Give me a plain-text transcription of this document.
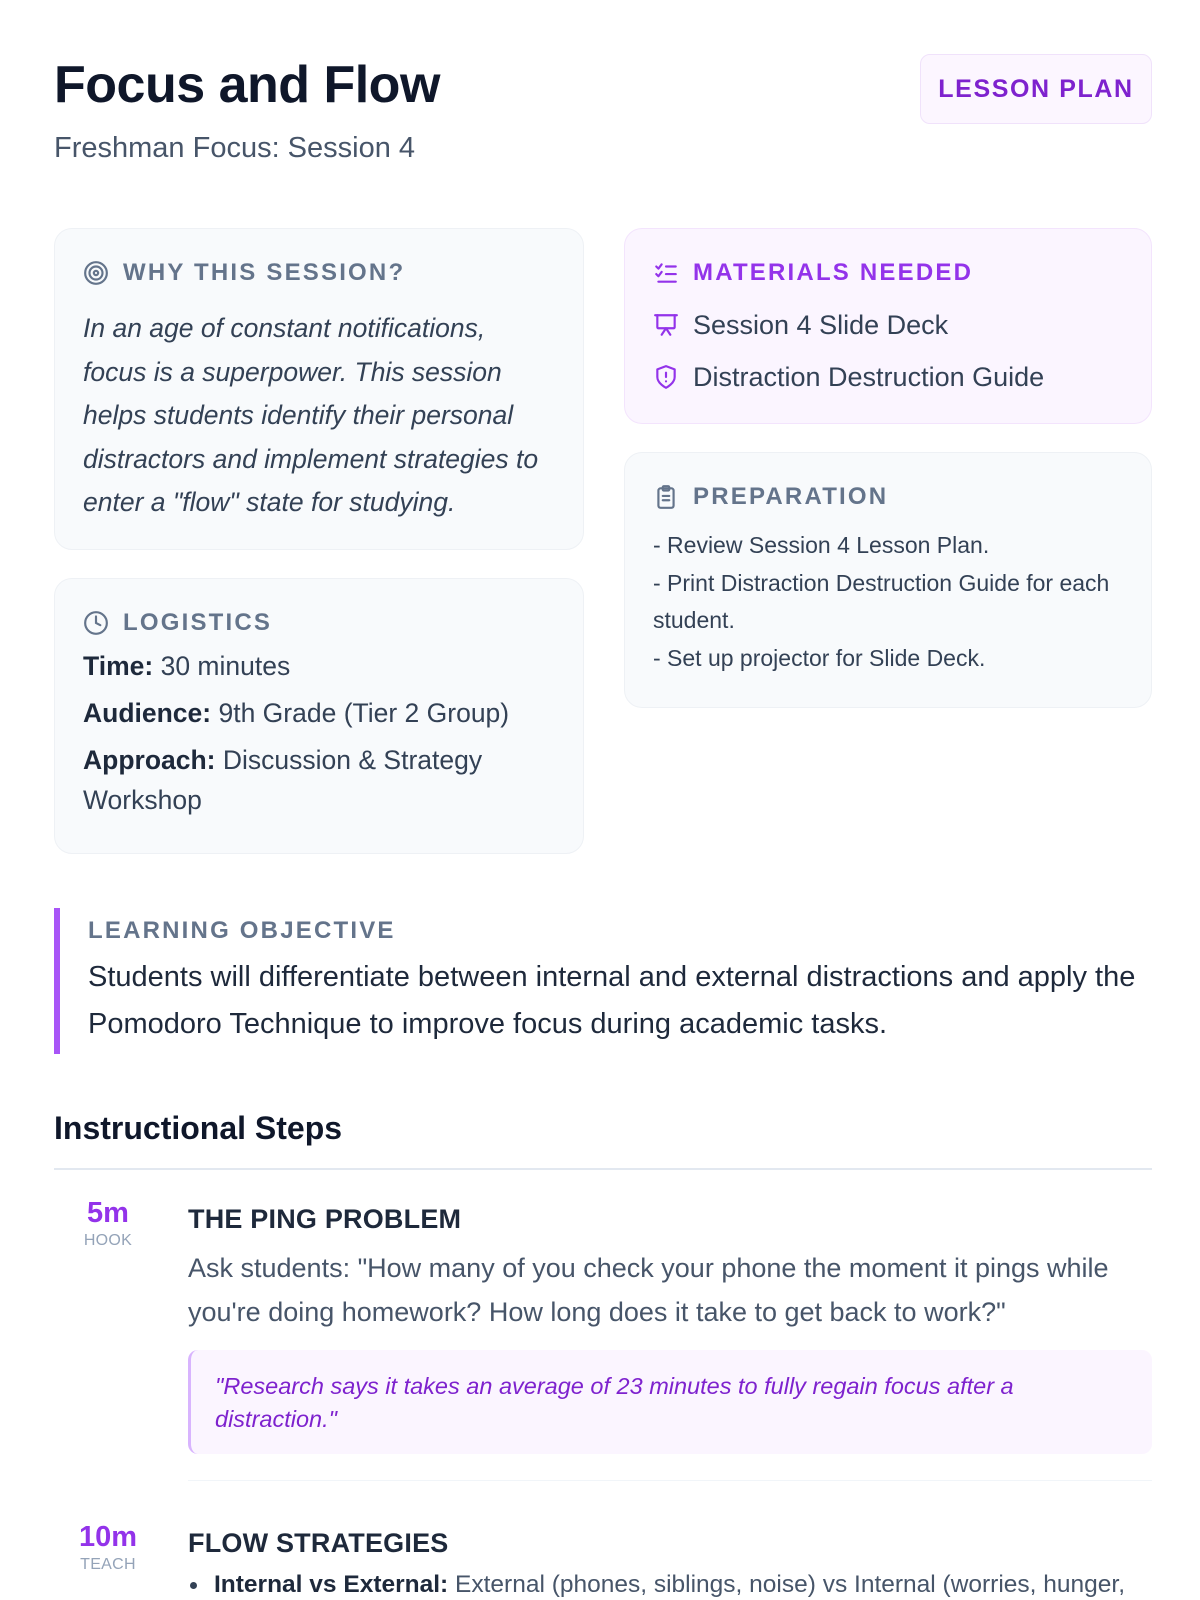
Focus and Flow
Freshman Focus: Session 4
LESSON PLAN
WHY THIS SESSION?

In an age of constant notifications, focus is a superpower. This session helps students identify their personal distractors and implement strategies to enter a "flow" state for studying.

LOGISTICS
Time: 30 minutes
Audience: 9th Grade (Tier 2 Group)
Approach: Discussion & Strategy Workshop
MATERIALS NEEDED
Session 4 Slide Deck
Distraction Destruction Guide
PREPARATION
- Review Session 4 Lesson Plan.
- Print Distraction Destruction Guide for each student.
- Set up projector for Slide Deck.
LEARNING OBJECTIVE
Students will differentiate between internal and external distractions and apply the Pomodoro Technique to improve focus during academic tasks.
Instructional Steps
5m
HOOK
THE PING PROBLEM
Ask students: "How many of you check your phone the moment it pings while you're doing homework? How long does it take to get back to work?"
"Research says it takes an average of 23 minutes to fully regain focus after a distraction."
10m
TEACH
FLOW STRATEGIES
Internal vs External: External (phones, siblings, noise) vs Internal (worries, hunger,
